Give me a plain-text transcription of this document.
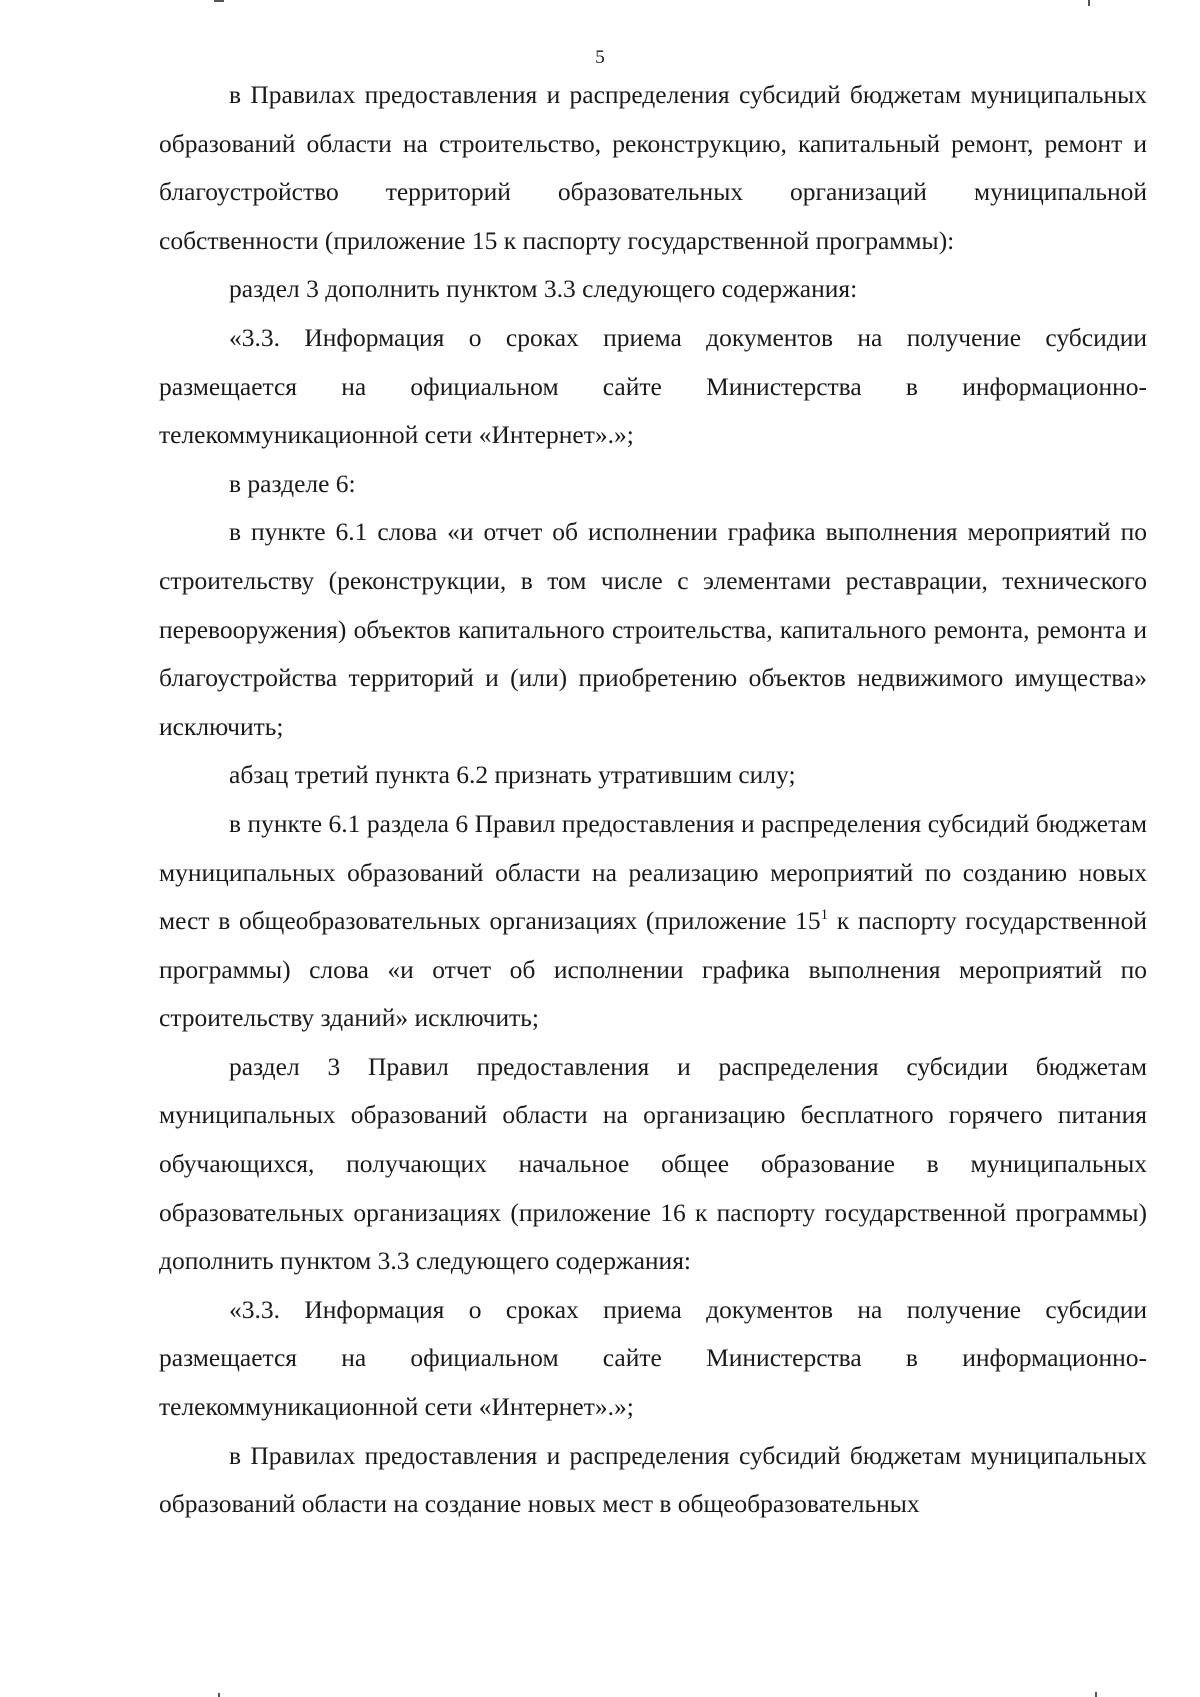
5

в Правилах предоставления и распределения субсидий бюджетам муниципальных образований области на строительство, реконструкцию, капитальный ремонт, ремонт и благоустройство территорий образовательных организаций муниципальной собственности (приложение 15 к паспорту государственной программы):

раздел 3 дополнить пунктом 3.3 следующего содержания:

«3.3. Информация о сроках приема документов на получение субсидии размещается на официальном сайте Министерства в информационно-телекоммуникационной сети «Интернет».»;

в разделе 6:

в пункте 6.1 слова «и отчет об исполнении графика выполнения мероприятий по строительству (реконструкции, в том числе с элементами реставрации, технического перевооружения) объектов капитального строительства, капитального ремонта, ремонта и благоустройства территорий и (или) приобретению объектов недвижимого имущества» исключить;

абзац третий пункта 6.2 признать утратившим силу;

в пункте 6.1 раздела 6 Правил предоставления и распределения субсидий бюджетам муниципальных образований области на реализацию мероприятий по созданию новых мест в общеобразовательных организациях (приложение $15^1$ к паспорту государственной программы) слова «и отчет об исполнении графика выполнения мероприятий по строительству зданий» исключить;

раздел 3 Правил предоставления и распределения субсидии бюджетам муниципальных образований области на организацию бесплатного горячего питания обучающихся, получающих начальное общее образование в муниципальных образовательных организациях (приложение 16 к паспорту государственной программы) дополнить пунктом 3.3 следующего содержания:

«3.3. Информация о сроках приема документов на получение субсидии размещается на официальном сайте Министерства в информационно-телекоммуникационной сети «Интернет».»;

в Правилах предоставления и распределения субсидий бюджетам муниципальных образований области на создание новых мест в общеобразовательных
